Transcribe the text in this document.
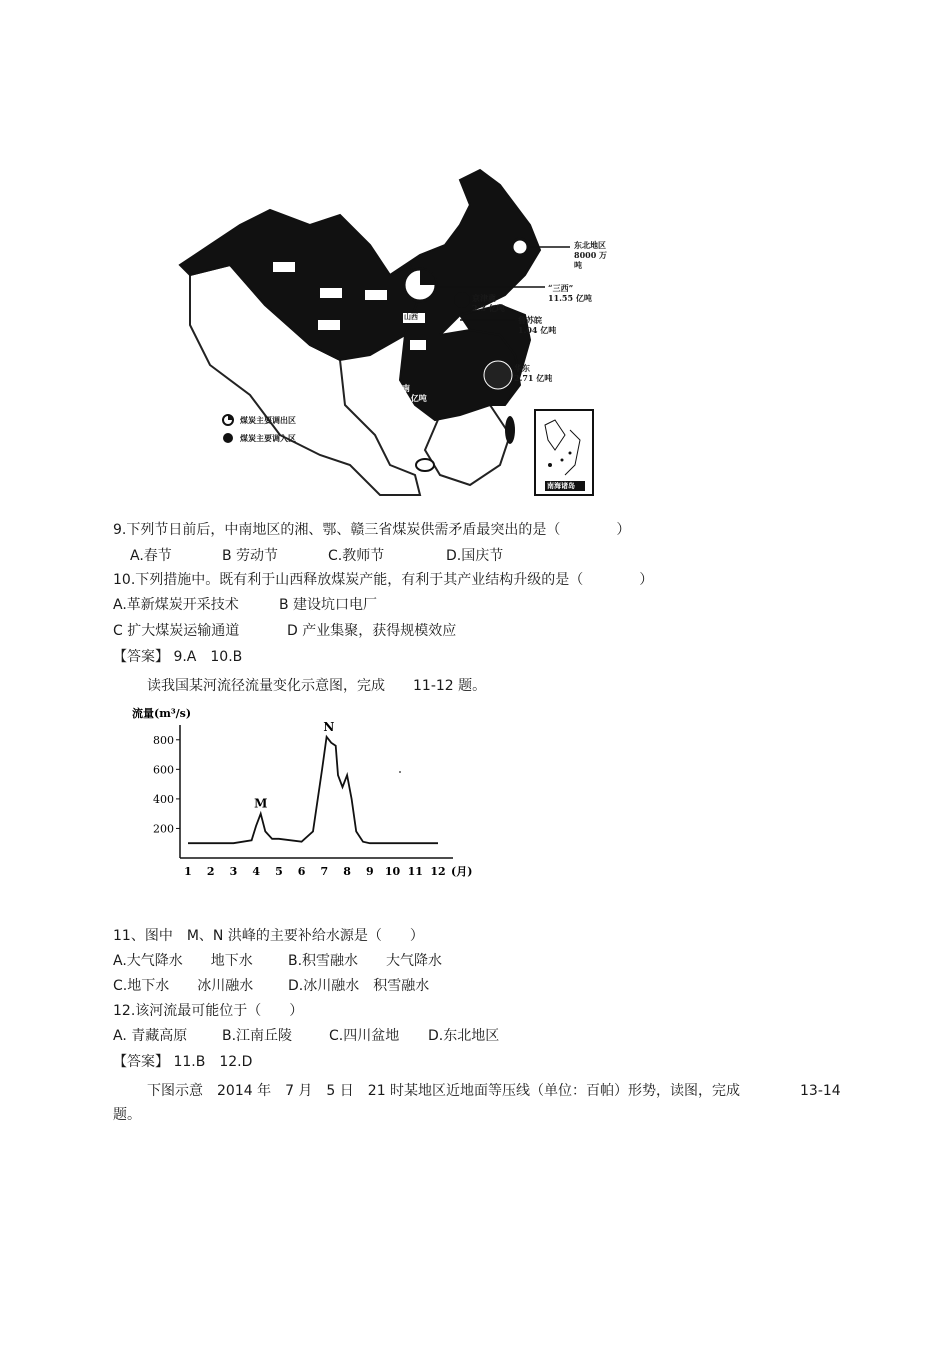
东北地区
8000 万吨
“三西”
11.55 亿吨
京津冀
2.3 亿吨
鲁苏皖
1.04 亿吨
华东
2.71 亿吨
中南
1.8 亿吨
山西
南海诸岛
煤炭主要调出区
煤炭主要调入区
9.下列节日前后，中南地区的湘、鄂、赣三省煤炭供需矛盾最突出的是（　　　　）
A.春节	B 劳动节	C.教师节	D.国庆节
10.下列措施中。既有利于山西释放煤炭产能，有利于其产业结构升级的是（　　　　）
A.革新煤炭开采技术	B 建设坑口电厂
C 扩大煤炭运输通道	D 产业集聚，获得规模效应
【答案】 9.A　10.B
读我国某河流径流量变化示意图，完成　　11-12 题。
流量(m³/s)
200
400
600
800
1 2 3 4 5 6 7 8 9 10 11 12
M
N
(月)
11、图中　M、N 洪峰的主要补给水源是（　　）
A.大气降水　　地下水	B.积雪融水　　大气降水
C.地下水　　冰川融水 D.冰川融水　积雪融水
12.该河流最可能位于（　　）
A. 青藏高原 B.江南丘陵	C.四川盆地 D.东北地区
【答案】 11.B　12.D
下图示意　2014 年　7 月　5 日　21 时某地区近地面等压线（单位：百帕）形势，读图，完成	13-14
题。
